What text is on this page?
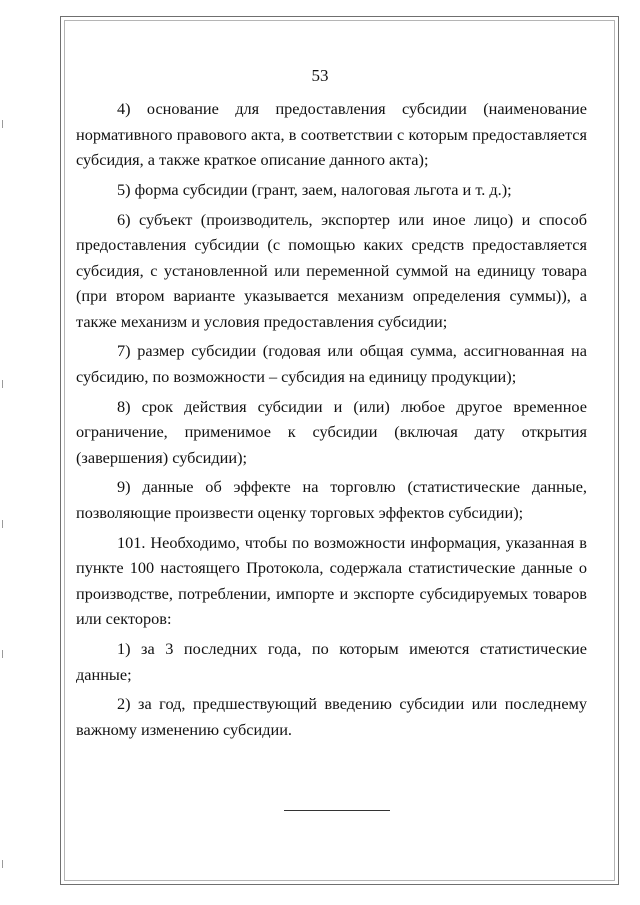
53

4) основание для предоставления субсидии (наименование нормативного правового акта, в соответствии с которым предоставляется субсидия, а также краткое описание данного акта);

5) форма субсидии (грант, заем, налоговая льгота и т. д.);

6) субъект (производитель, экспортер или иное лицо) и способ предоставления субсидии (с помощью каких средств предоставляется субсидия, с установленной или переменной суммой на единицу товара (при втором варианте указывается механизм определения суммы)), а также механизм и условия предоставления субсидии;

7) размер субсидии (годовая или общая сумма, ассигнованная на субсидию, по возможности – субсидия на единицу продукции);

8) срок действия субсидии и (или) любое другое временное ограничение, применимое к субсидии (включая дату открытия (завершения) субсидии);

9) данные об эффекте на торговлю (статистические данные, позволяющие произвести оценку торговых эффектов субсидии);

101. Необходимо, чтобы по возможности информация, указанная в пункте 100 настоящего Протокола, содержала статистические данные о производстве, потреблении, импорте и экспорте субсидируемых товаров или секторов:

1) за 3 последних года, по которым имеются статистические данные;

2) за год, предшествующий введению субсидии или последнему важному изменению субсидии.
